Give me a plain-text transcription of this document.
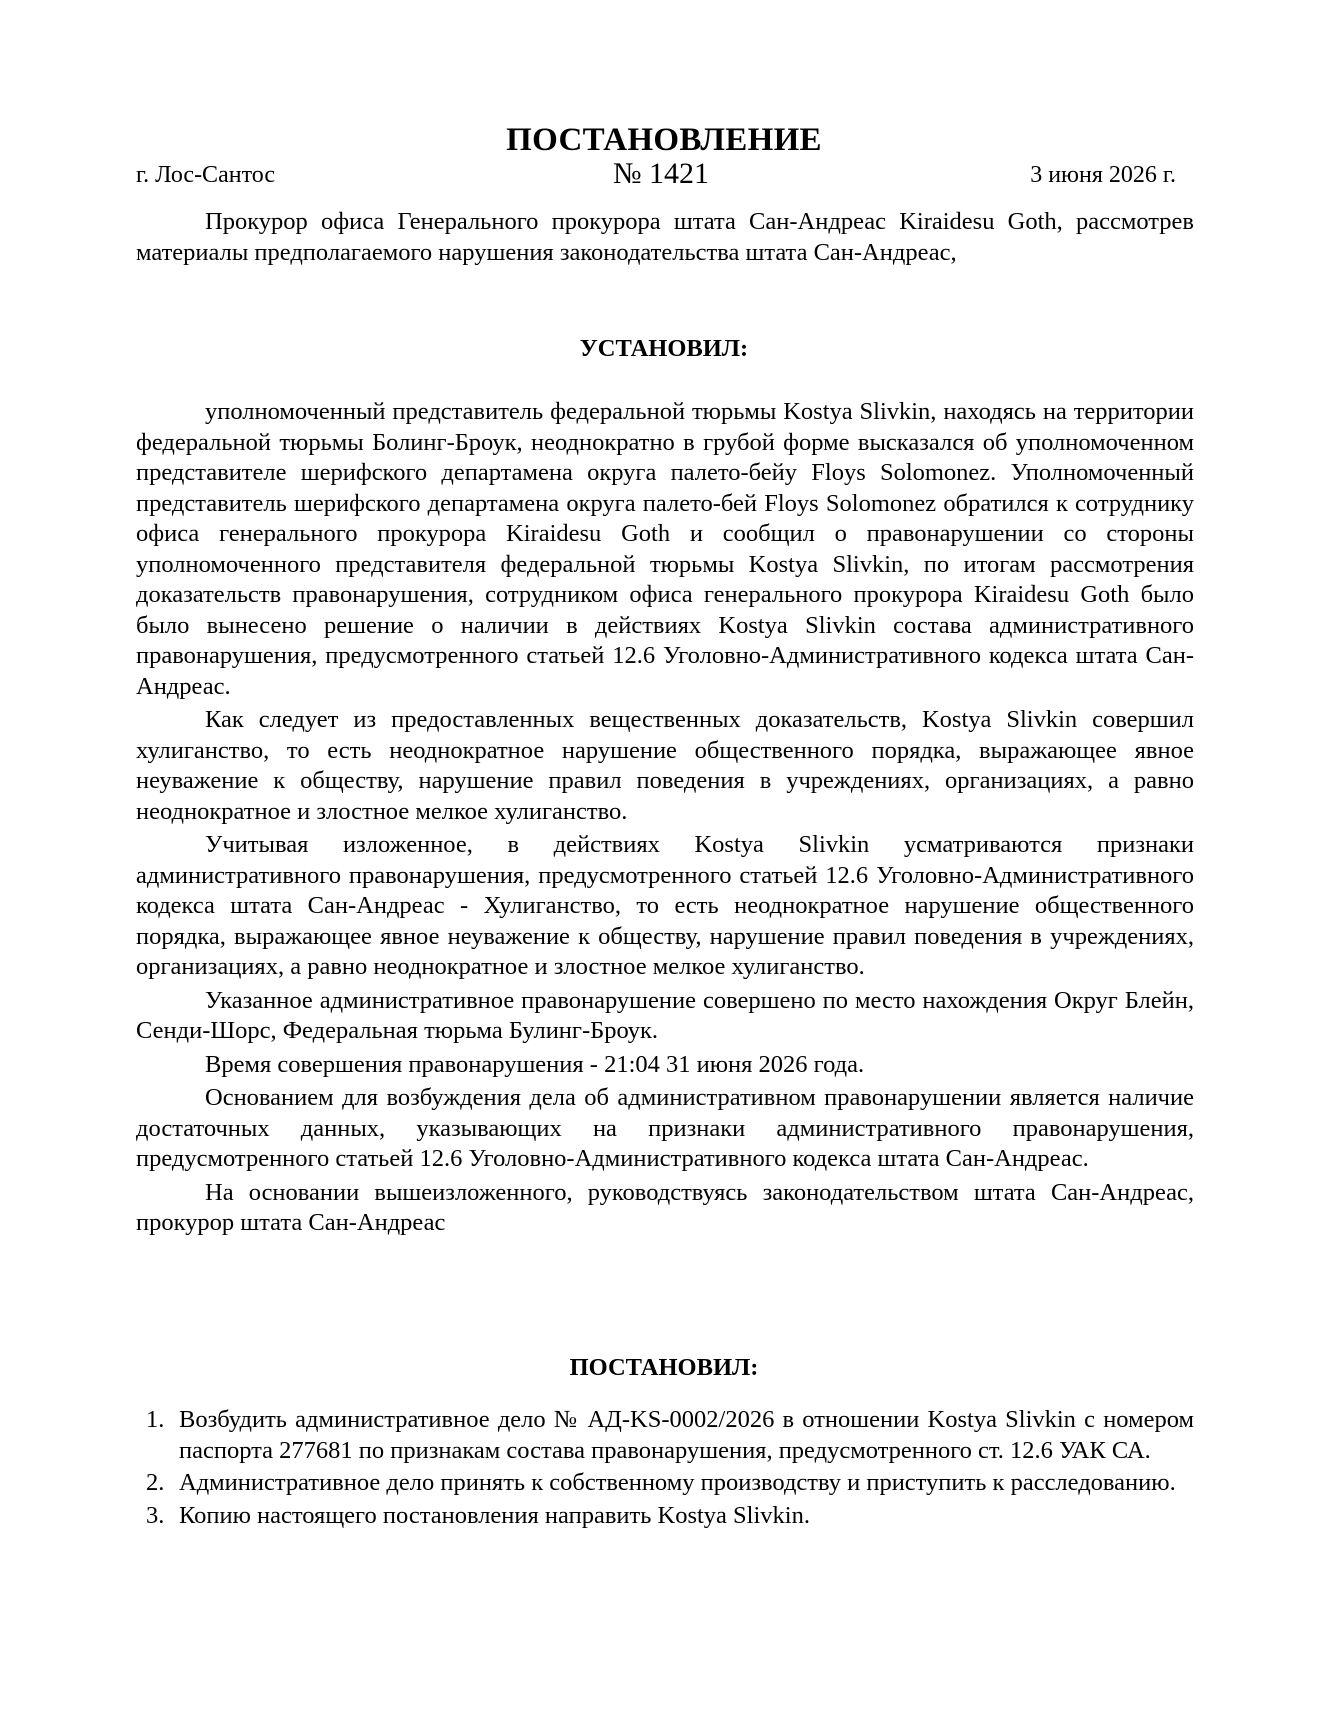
ПОСТАНОВЛЕНИЕ
г. Лос-Сантос	№ 1421	3 июня 2026 г.

Прокурор офиса Генерального прокурора штата Сан-Андреас Kiraidesu Goth, рассмотрев материалы предполагаемого нарушения законодательства штата Сан-Андреас,

УСТАНОВИЛ:

уполномоченный представитель федеральной тюрьмы Kostya Slivkin, находясь на территории федеральной тюрьмы Болинг-Броук, неоднократно в грубой форме высказался об уполномоченном представителе шерифского департамена округа палето-бейу Floys Solomonez. Уполномоченный представитель шерифского департамена округа палето-бей Floys Solomonez обратился к сотруднику офиса генерального прокурора Kiraidesu Goth и сообщил о правонарушении со стороны уполномоченного представителя федеральной тюрьмы Kostya Slivkin, по итогам рассмотрения доказательств правонарушения, сотрудником офиса генерального прокурора Kiraidesu Goth было было вынесено решение о наличии в действиях Kostya Slivkin состава административного правонарушения, предусмотренного статьей 12.6 Уголовно-Административного кодекса штата Сан-Андреас.

Как следует из предоставленных вещественных доказательств, Kostya Slivkin совершил хулиганство, то есть неоднократное нарушение общественного порядка, выражающее явное неуважение к обществу, нарушение правил поведения в учреждениях, организациях, а равно неоднократное и злостное мелкое хулиганство.

Учитывая изложенное, в действиях Kostya Slivkin усматриваются признаки административного правонарушения, предусмотренного статьей 12.6 Уголовно-Административного кодекса штата Сан-Андреас - Хулиганство, то есть неоднократное нарушение общественного порядка, выражающее явное неуважение к обществу, нарушение правил поведения в учреждениях, организациях, а равно неоднократное и злостное мелкое хулиганство.

Указанное административное правонарушение совершено по место нахождения Округ Блейн, Сенди-Шорс, Федеральная тюрьма Булинг-Броук.

Время совершения правонарушения - 21:04 31 июня 2026 года.

Основанием для возбуждения дела об административном правонарушении является наличие достаточных данных, указывающих на признаки административного правонарушения, предусмотренного статьей 12.6 Уголовно-Административного кодекса штата Сан-Андреас.

На основании вышеизложенного, руководствуясь законодательством штата Сан-Андреас, прокурор штата Сан-Андреас

ПОСТАНОВИЛ:
1. Возбудить административное дело № АД-KS-0002/2026 в отношении Kostya Slivkin с номером паспорта 277681 по признакам состава правонарушения, предусмотренного ст. 12.6 УАК СА.
2. Административное дело принять к собственному производству и приступить к расследованию.
3. Копию настоящего постановления направить Kostya Slivkin.
